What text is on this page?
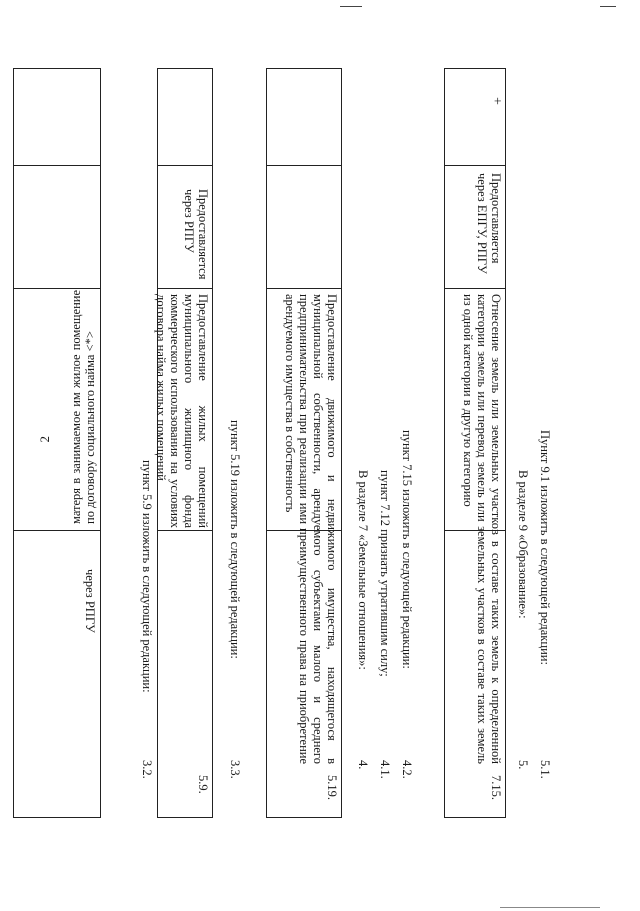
2 матеря в занимаемое им жилое помещение по договору социального найма <*>
через РПГУ
3.2.
пункт 5.9 изложить в следующей редакции:
Предоставляется через РПГУ
Предоставление жилых помещений муниципального жилищного фонда коммерческого использования на условиях договора найма жилых помещений
5.9.
3.3.
пункт 5.19 изложить в следующей редакции:	Предоставление движимого и недвижимого имущества, находящегося в муниципальной собственности, арендуемого субъектами малого и среднего предпринимательства при реализации ими преимущественного права на приобретение арендуемого имущества в собственность
5.19.
4.
В разделе 7 «Земельные отношения»:
4.1.
пункт 7.12 признать утратившим силу;
4.2.
пункт 7.15 изложить в следующей редакции:
+
Предоставляется через ЕПГУ, РПГУ
Отнесение земель или земельных участков в составе таких земель к определенной категории земель или перевод земель или земельных участков в составе таких земель из одной категории в другую категорию
7.15.
5.
В разделе 9 «Образование»:
5.1.
Пункт 9.1 изложить в следующей редакции:
